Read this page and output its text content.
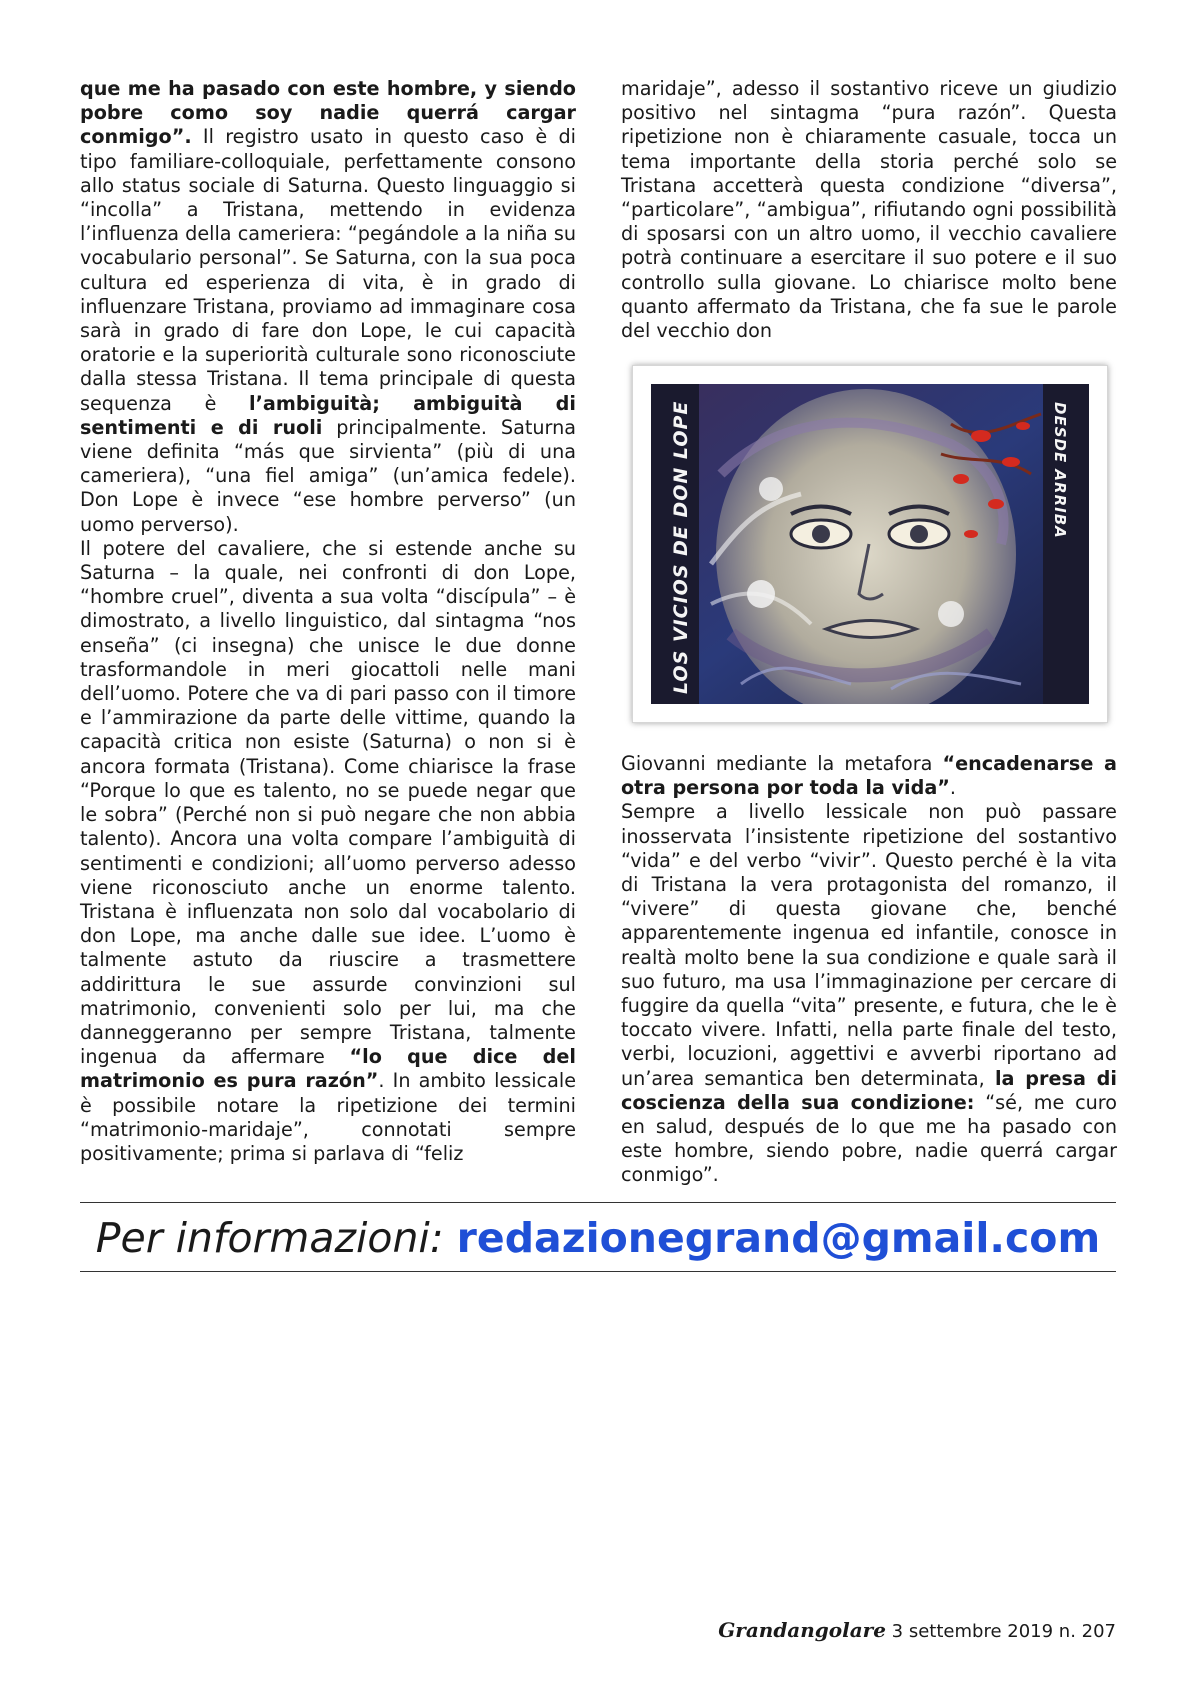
que me ha pasado con este hombre, y siendo pobre como soy nadie querrá cargar conmigo”. Il registro usato in questo caso è di tipo familiare-colloquiale, perfettamente consono allo status sociale di Saturna. Questo linguaggio si “incolla” a Tristana, mettendo in evidenza l’influenza della cameriera: “pegándole a la niña su vocabulario personal”. Se Saturna, con la sua poca cultura ed esperienza di vita, è in grado di influenzare Tristana, proviamo ad immaginare cosa sarà in grado di fare don Lope, le cui capacità oratorie e la superiorità culturale sono riconosciute dalla stessa Tristana. Il tema principale di questa sequenza è l’ambiguità; ambiguità di sentimenti e di ruoli principalmente. Saturna viene definita “más que sirvienta” (più di una cameriera), “una fiel amiga” (un’amica fedele). Don Lope è invece “ese hombre perverso” (un uomo perverso).

Il potere del cavaliere, che si estende anche su Saturna – la quale, nei confronti di don Lope, “hombre cruel”, diventa a sua volta “discípula” – è dimostrato, a livello linguistico, dal sintagma “nos enseña” (ci insegna) che unisce le due donne trasformandole in meri giocattoli nelle mani dell’uomo. Potere che va di pari passo con il timore e l’ammirazione da parte delle vittime, quando la capacità critica non esiste (Saturna) o non si è ancora formata (Tristana). Come chiarisce la frase “Porque lo que es talento, no se puede negar que le sobra” (Perché non si può negare che non abbia talento). Ancora una volta compare l’ambiguità di sentimenti e condizioni; all’uomo perverso adesso viene riconosciuto anche un enorme talento. Tristana è influenzata non solo dal vocabolario di don Lope, ma anche dalle sue idee. L’uomo è talmente astuto da riuscire a trasmettere addirittura le sue assurde convinzioni sul matrimonio, convenienti solo per lui, ma che danneggeranno per sempre Tristana, talmente ingenua da affermare “lo que dice del matrimonio es pura razón”. In ambito lessicale è possibile notare la ripetizione dei termini “matrimonio-maridaje”, connotati sempre positivamente; prima si parlava di “feliz

maridaje”, adesso il sostantivo riceve un giudizio positivo nel sintagma “pura razón”. Questa ripetizione non è chiaramente casuale, tocca un tema importante della storia perché solo se Tristana accetterà questa condizione “diversa”, “particolare”, “ambigua”, rifiutando ogni possibilità di sposarsi con un altro uomo, il vecchio cavaliere potrà continuare a esercitare il suo potere e il suo controllo sulla giovane. Lo chiarisce molto bene quanto affermato da Tristana, che fa sue le parole del vecchio don

LOS VICIOS DE DON LOPE	DESDE ARRIBA

Giovanni mediante la metafora “encadenarse a otra persona por toda la vida”.

Sempre a livello lessicale non può passare inosservata l’insistente ripetizione del sostantivo “vida” e del verbo “vivir”. Questo perché è la vita di Tristana la vera protagonista del romanzo, il “vivere” di questa giovane che, benché apparentemente ingenua ed infantile, conosce in realtà molto bene la sua condizione e quale sarà il suo futuro, ma usa l’immaginazione per cercare di fuggire da quella “vita” presente, e futura, che le è toccato vivere. Infatti, nella parte finale del testo, verbi, locuzioni, aggettivi e avverbi riportano ad un’area semantica ben determinata, la presa di coscienza della sua condizione: “sé, me curo en salud, después de lo que me ha pasado con este hombre, siendo pobre, nadie querrá cargar conmigo”.

Per informazioni: redazionegrand@gmail.com
Grandangolare 3 settembre 2019 n. 207
